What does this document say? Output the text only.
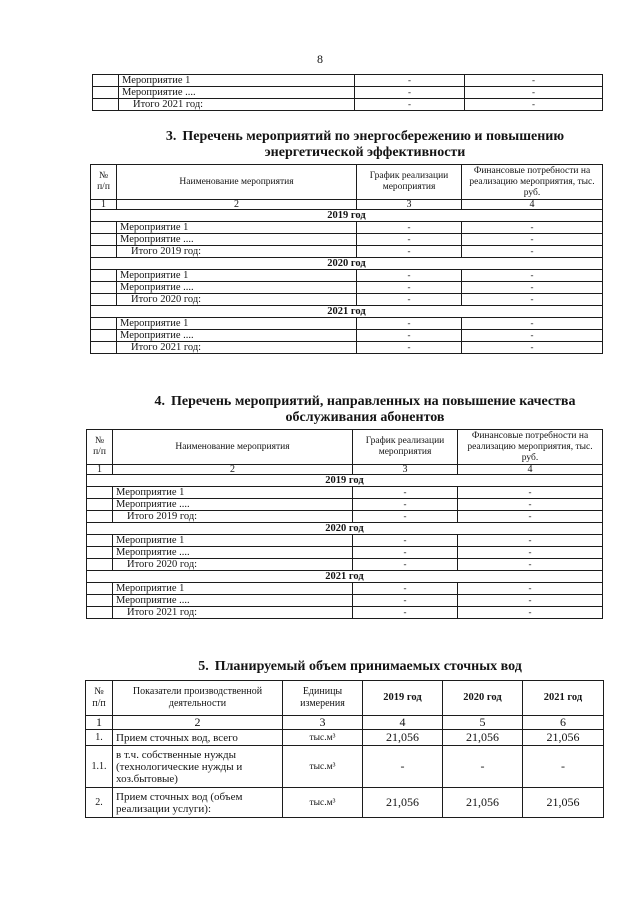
8
	Мероприятие 1	-	-
	Мероприятие ....	-	-
	Итого 2021 год:	-	-
3. Перечень мероприятий по энергосбережению и повышению
энергетической эффективности
№ п/п	Наименование мероприятия	График реализации мероприятия	Финансовые потребности на реализацию мероприятия, тыс. руб.
1	2	3	4
2019 год			
	Мероприятие 1	-	-
	Мероприятие ....	-	-
	Итого 2019 год:	-	-
2020 год			
	Мероприятие 1	-	-
	Мероприятие ....	-	-
	Итого 2020 год:	-	-
2021 год			
	Мероприятие 1	-	-
	Мероприятие ....	-	-
	Итого 2021 год:	-	-
4. Перечень мероприятий, направленных на повышение качества
обслуживания абонентов
№ п/п	Наименование мероприятия	График реализации мероприятия	Финансовые потребности на реализацию мероприятия, тыс. руб.
1	2	3	4
2019 год			
	Мероприятие 1	-	-
	Мероприятие ....	-	-
	Итого 2019 год:	-	-
2020 год			
	Мероприятие 1	-	-
	Мероприятие ....	-	-
	Итого 2020 год:	-	-
2021 год			
	Мероприятие 1	-	-
	Мероприятие ....	-	-
	Итого 2021 год:	-	-
5. Планируемый объем принимаемых сточных вод
№ п/п	Показатели производственной деятельности	Единицы измерения	2019 год	2020 год	2021 год
1	2	3	4	5	6
1.	Прием сточных вод, всего	тыс.м³	21,056	21,056	21,056
1.1.	в т.ч. собственные нужды (технологические нужды и хоз.бытовые)	тыс.м³	-	-	-
2.	Прием сточных вод (объем реализации услуги):	тыс.м³	21,056	21,056	21,056
